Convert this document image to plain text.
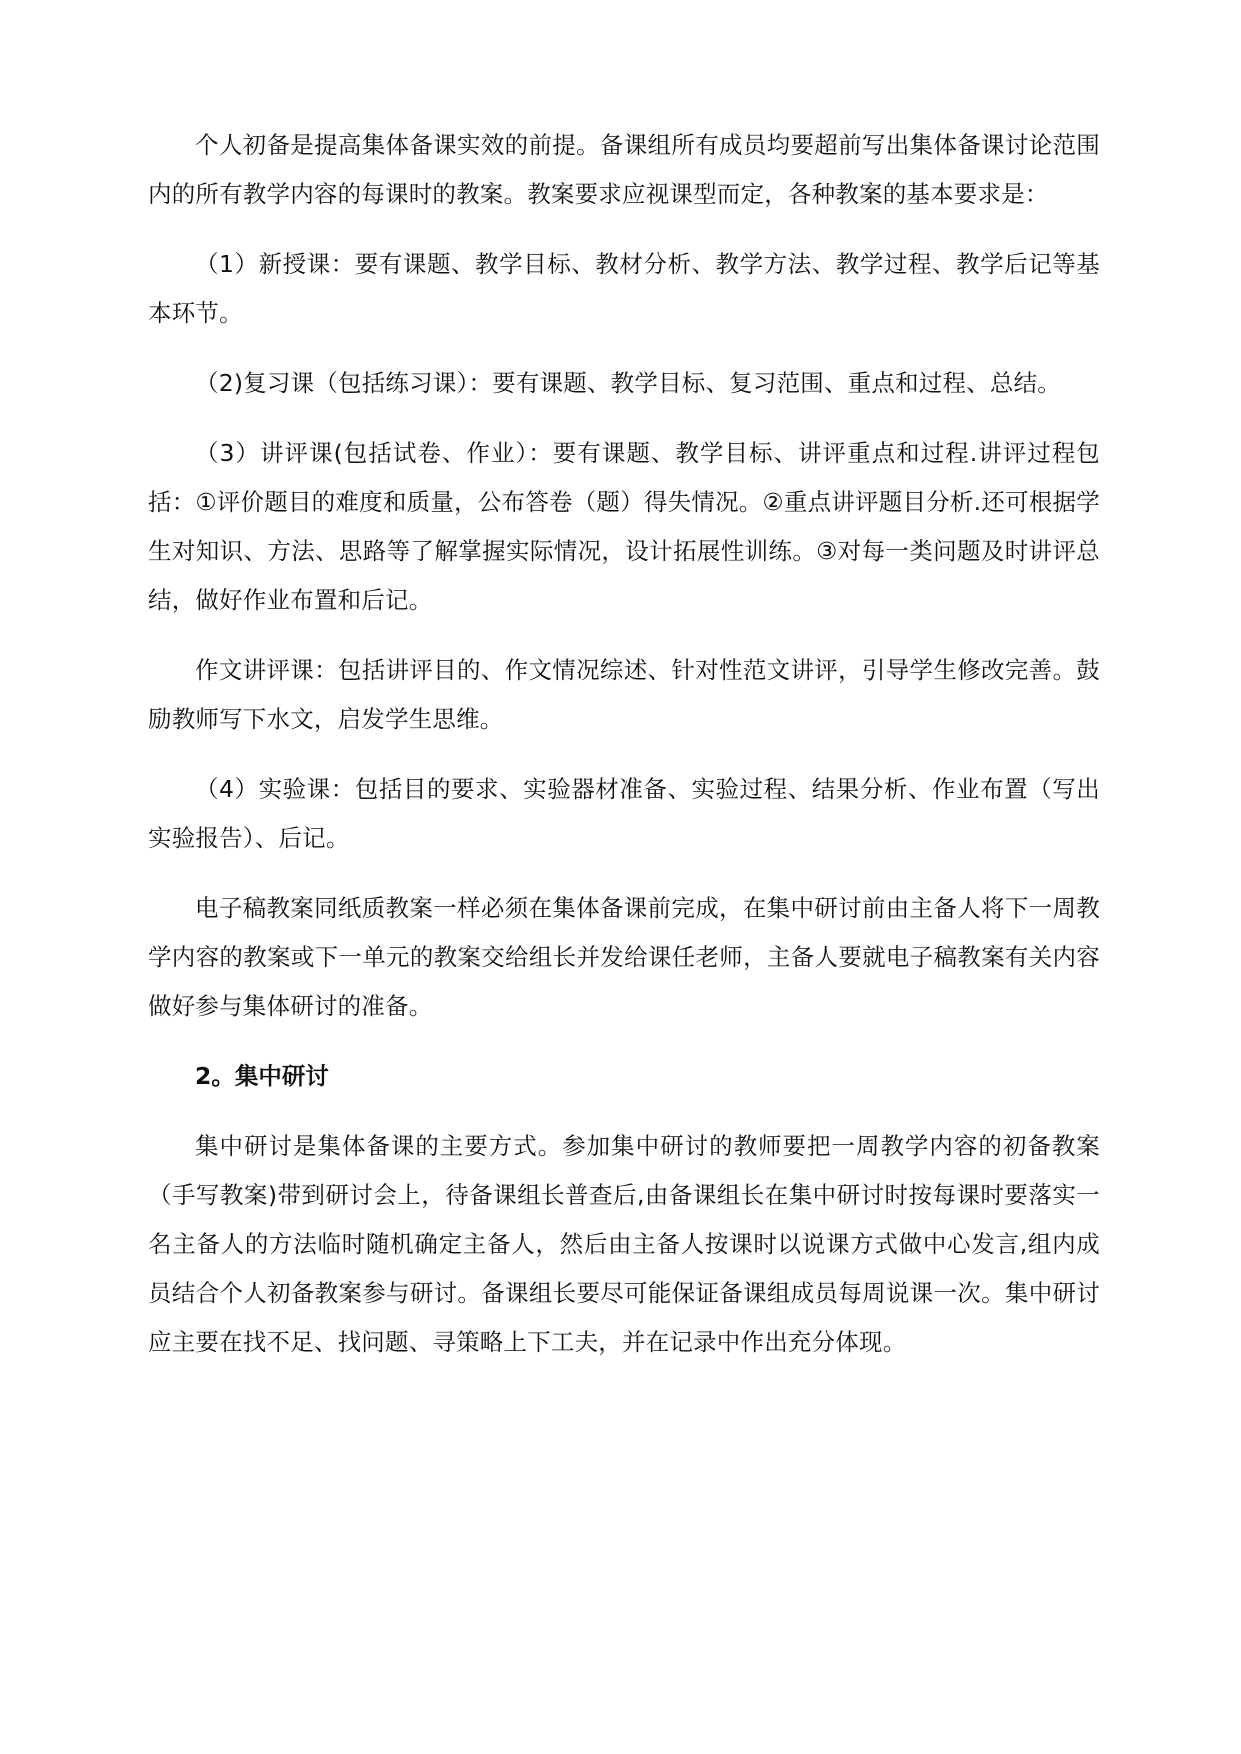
个人初备是提高集体备课实效的前提。备课组所有成员均要超前写出集体备课讨论范围内的所有教学内容的每课时的教案。教案要求应视课型而定，各种教案的基本要求是：

（1）新授课：要有课题、教学目标、教材分析、教学方法、教学过程、教学后记等基本环节。

（2)复习课（包括练习课）：要有课题、教学目标、复习范围、重点和过程、总结。

（3）讲评课(包括试卷、作业）：要有课题、教学目标、讲评重点和过程.讲评过程包括：①评价题目的难度和质量，公布答卷（题）得失情况。②重点讲评题目分析.还可根据学生对知识、方法、思路等了解掌握实际情况，设计拓展性训练。③对每一类问题及时讲评总结，做好作业布置和后记。

作文讲评课：包括讲评目的、作文情况综述、针对性范文讲评，引导学生修改完善。鼓励教师写下水文，启发学生思维。

（4）实验课：包括目的要求、实验器材准备、实验过程、结果分析、作业布置（写出实验报告）、后记。

电子稿教案同纸质教案一样必须在集体备课前完成，在集中研讨前由主备人将下一周教学内容的教案或下一单元的教案交给组长并发给课任老师，主备人要就电子稿教案有关内容做好参与集体研讨的准备。

2。集中研讨

集中研讨是集体备课的主要方式。参加集中研讨的教师要把一周教学内容的初备教案（手写教案)带到研讨会上，待备课组长普查后,由备课组长在集中研讨时按每课时要落实一名主备人的方法临时随机确定主备人，然后由主备人按课时以说课方式做中心发言,组内成员结合个人初备教案参与研讨。备课组长要尽可能保证备课组成员每周说课一次。集中研讨应主要在找不足、找问题、寻策略上下工夫，并在记录中作出充分体现。
